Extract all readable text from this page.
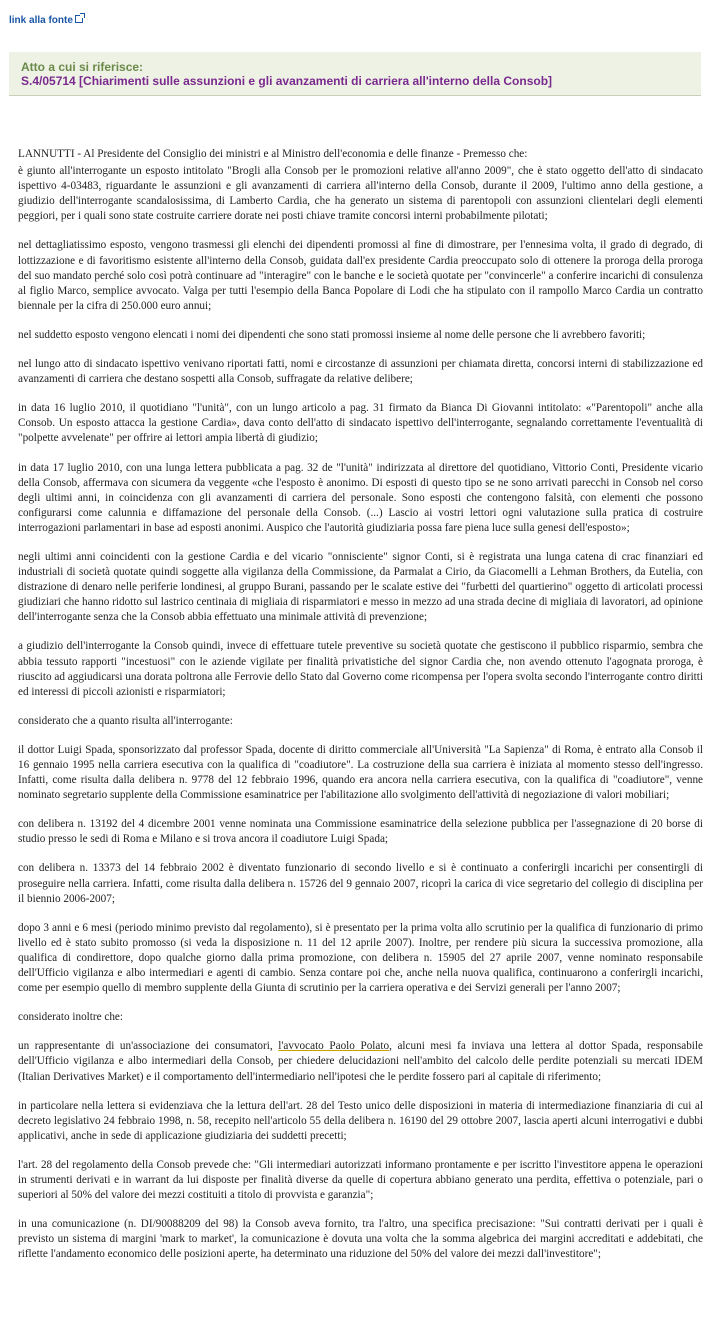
link alla fonte
Atto a cui si riferisce:
S.4/05714 [Chiarimenti sulle assunzioni e gli avanzamenti di carriera all'interno della Consob]

LANNUTTI - Al Presidente del Consiglio dei ministri e al Ministro dell'economia e delle finanze - Premesso che:

è giunto all'interrogante un esposto intitolato "Brogli alla Consob per le promozioni relative all'anno 2009", che è stato oggetto dell'atto di sindacato ispettivo 4-03483, riguardante le assunzioni e gli avanzamenti di carriera all'interno della Consob, durante il 2009, l'ultimo anno della gestione, a giudizio dell'interrogante scandalosissima, di Lamberto Cardia, che ha generato un sistema di parentopoli con assunzioni clientelari degli elementi peggiori, per i quali sono state costruite carriere dorate nei posti chiave tramite concorsi interni probabilmente pilotati;

nel dettagliatissimo esposto, vengono trasmessi gli elenchi dei dipendenti promossi al fine di dimostrare, per l'ennesima volta, il grado di degrado, di lottizzazione e di favoritismo esistente all'interno della Consob, guidata dall'ex presidente Cardia preoccupato solo di ottenere la proroga della proroga del suo mandato perché solo così potrà continuare ad "interagire" con le banche e le società quotate per "convincerle" a conferire incarichi di consulenza al figlio Marco, semplice avvocato. Valga per tutti l'esempio della Banca Popolare di Lodi che ha stipulato con il rampollo Marco Cardia un contratto biennale per la cifra di 250.000 euro annui;

nel suddetto esposto vengono elencati i nomi dei dipendenti che sono stati promossi insieme al nome delle persone che li avrebbero favoriti;

nel lungo atto di sindacato ispettivo venivano riportati fatti, nomi e circostanze di assunzioni per chiamata diretta, concorsi interni di stabilizzazione ed avanzamenti di carriera che destano sospetti alla Consob, suffragate da relative delibere;

in data 16 luglio 2010, il quotidiano "l'unità", con un lungo articolo a pag. 31 firmato da Bianca Di Giovanni intitolato: «"Parentopoli" anche alla Consob. Un esposto attacca la gestione Cardia», dava conto dell'atto di sindacato ispettivo dell'interrogante, segnalando correttamente l'eventualità di "polpette avvelenate" per offrire ai lettori ampia libertà di giudizio;

in data 17 luglio 2010, con una lunga lettera pubblicata a pag. 32 de "l'unità" indirizzata al direttore del quotidiano, Vittorio Conti, Presidente vicario della Consob, affermava con sicumera da veggente «che l'esposto è anonimo. Di esposti di questo tipo se ne sono arrivati parecchi in Consob nel corso degli ultimi anni, in coincidenza con gli avanzamenti di carriera del personale. Sono esposti che contengono falsità, con elementi che possono configurarsi come calunnia e diffamazione del personale della Consob. (...) Lascio ai vostri lettori ogni valutazione sulla pratica di costruire interrogazioni parlamentari in base ad esposti anonimi. Auspico che l'autorità giudiziaria possa fare piena luce sulla genesi dell'esposto»;

negli ultimi anni coincidenti con la gestione Cardia e del vicario "onnisciente" signor Conti, si è registrata una lunga catena di crac finanziari ed industriali di società quotate quindi soggette alla vigilanza della Commissione, da Parmalat a Cirio, da Giacomelli a Lehman Brothers, da Eutelia, con distrazione di denaro nelle periferie londinesi, al gruppo Burani, passando per le scalate estive dei "furbetti del quartierino" oggetto di articolati processi giudiziari che hanno ridotto sul lastrico centinaia di migliaia di risparmiatori e messo in mezzo ad una strada decine di migliaia di lavoratori, ad opinione dell'interrogante senza che la Consob abbia effettuato una minimale attività di prevenzione;

a giudizio dell'interrogante la Consob quindi, invece di effettuare tutele preventive su società quotate che gestiscono il pubblico risparmio, sembra che abbia tessuto rapporti "incestuosi" con le aziende vigilate per finalità privatistiche del signor Cardia che, non avendo ottenuto l'agognata proroga, è riuscito ad aggiudicarsi una dorata poltrona alle Ferrovie dello Stato dal Governo come ricompensa per l'opera svolta secondo l'interrogante contro diritti ed interessi di piccoli azionisti e risparmiatori;

considerato che a quanto risulta all'interrogante:

il dottor Luigi Spada, sponsorizzato dal professor Spada, docente di diritto commerciale all'Università "La Sapienza" di Roma, è entrato alla Consob il 16 gennaio 1995 nella carriera esecutiva con la qualifica di "coadiutore". La costruzione della sua carriera è iniziata al momento stesso dell'ingresso. Infatti, come risulta dalla delibera n. 9778 del 12 febbraio 1996, quando era ancora nella carriera esecutiva, con la qualifica di "coadiutore", venne nominato segretario supplente della Commissione esaminatrice per l'abilitazione allo svolgimento dell'attività di negoziazione di valori mobiliari;

con delibera n. 13192 del 4 dicembre 2001 venne nominata una Commissione esaminatrice della selezione pubblica per l'assegnazione di 20 borse di studio presso le sedi di Roma e Milano e si trova ancora il coadiutore Luigi Spada;

con delibera n. 13373 del 14 febbraio 2002 è diventato funzionario di secondo livello e si è continuato a conferirgli incarichi per consentirgli di proseguire nella carriera. Infatti, come risulta dalla delibera n. 15726 del 9 gennaio 2007, ricoprì la carica di vice segretario del collegio di disciplina per il biennio 2006-2007;

dopo 3 anni e 6 mesi (periodo minimo previsto dal regolamento), si è presentato per la prima volta allo scrutinio per la qualifica di funzionario di primo livello ed è stato subito promosso (si veda la disposizione n. 11 del 12 aprile 2007). Inoltre, per rendere più sicura la successiva promozione, alla qualifica di condirettore, dopo qualche giorno dalla prima promozione, con delibera n. 15905 del 27 aprile 2007, venne nominato responsabile dell'Ufficio vigilanza e albo intermediari e agenti di cambio. Senza contare poi che, anche nella nuova qualifica, continuarono a conferirgli incarichi, come per esempio quello di membro supplente della Giunta di scrutinio per la carriera operativa e dei Servizi generali per l'anno 2007;

considerato inoltre che:

un rappresentante di un'associazione dei consumatori, l'avvocato Paolo Polato, alcuni mesi fa inviava una lettera al dottor Spada, responsabile dell'Ufficio vigilanza e albo intermediari della Consob, per chiedere delucidazioni nell'ambito del calcolo delle perdite potenziali su mercati IDEM (Italian Derivatives Market) e il comportamento dell'intermediario nell'ipotesi che le perdite fossero pari al capitale di riferimento;

in particolare nella lettera si evidenziava che la lettura dell'art. 28 del Testo unico delle disposizioni in materia di intermediazione finanziaria di cui al decreto legislativo 24 febbraio 1998, n. 58, recepito nell'articolo 55 della delibera n. 16190 del 29 ottobre 2007, lascia aperti alcuni interrogativi e dubbi applicativi, anche in sede di applicazione giudiziaria dei suddetti precetti;

l'art. 28 del regolamento della Consob prevede che: "Gli intermediari autorizzati informano prontamente e per iscritto l'investitore appena le operazioni in strumenti derivati e in warrant da lui disposte per finalità diverse da quelle di copertura abbiano generato una perdita, effettiva o potenziale, pari o superiori al 50% del valore dei mezzi costituiti a titolo di provvista e garanzia";

in una comunicazione (n. DI/90088209 del 98) la Consob aveva fornito, tra l'altro, una specifica precisazione: "Sui contratti derivati per i quali è previsto un sistema di margini 'mark to market', la comunicazione è dovuta una volta che la somma algebrica dei margini accreditati e addebitati, che riflette l'andamento economico delle posizioni aperte, ha determinato una riduzione del 50% del valore dei mezzi dall'investitore";
